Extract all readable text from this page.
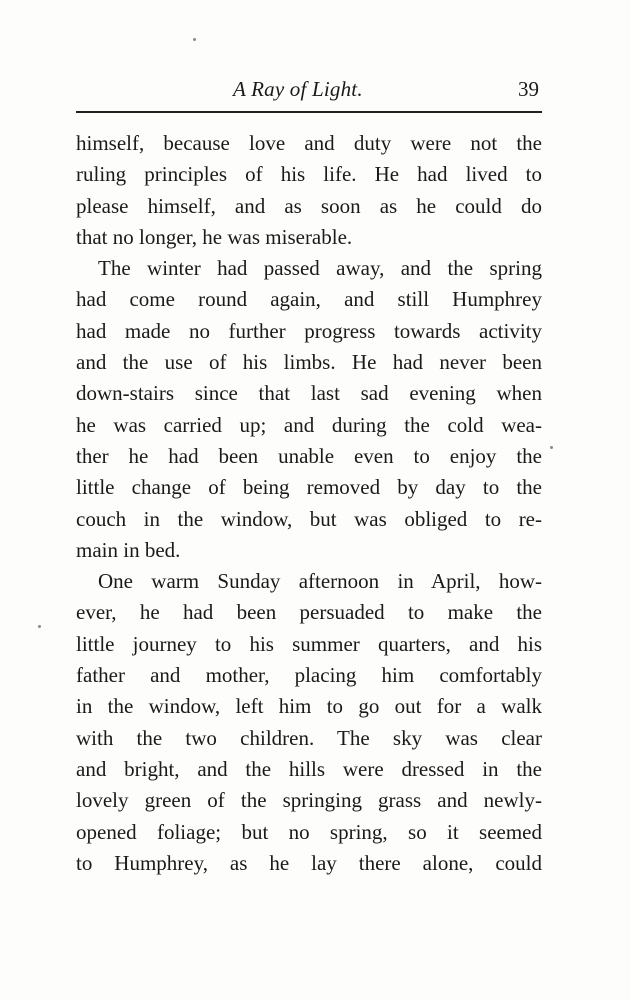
A Ray of Light.	39
himself, because love and duty were not the
ruling principles of his life. He had lived to
please himself, and as soon as he could do
that no longer, he was miserable.
The winter had passed away, and the spring
had come round again, and still Humphrey
had made no further progress towards activity
and the use of his limbs. He had never been
down-stairs since that last sad evening when
he was carried up; and during the cold wea-
ther he had been unable even to enjoy the
little change of being removed by day to the
couch in the window, but was obliged to re-
main in bed.
One warm Sunday afternoon in April, how-
ever, he had been persuaded to make the
little journey to his summer quarters, and his
father and mother, placing him comfortably
in the window, left him to go out for a walk
with the two children. The sky was clear
and bright, and the hills were dressed in the
lovely green of the springing grass and newly-
opened foliage; but no spring, so it seemed
to Humphrey, as he lay there alone, could
